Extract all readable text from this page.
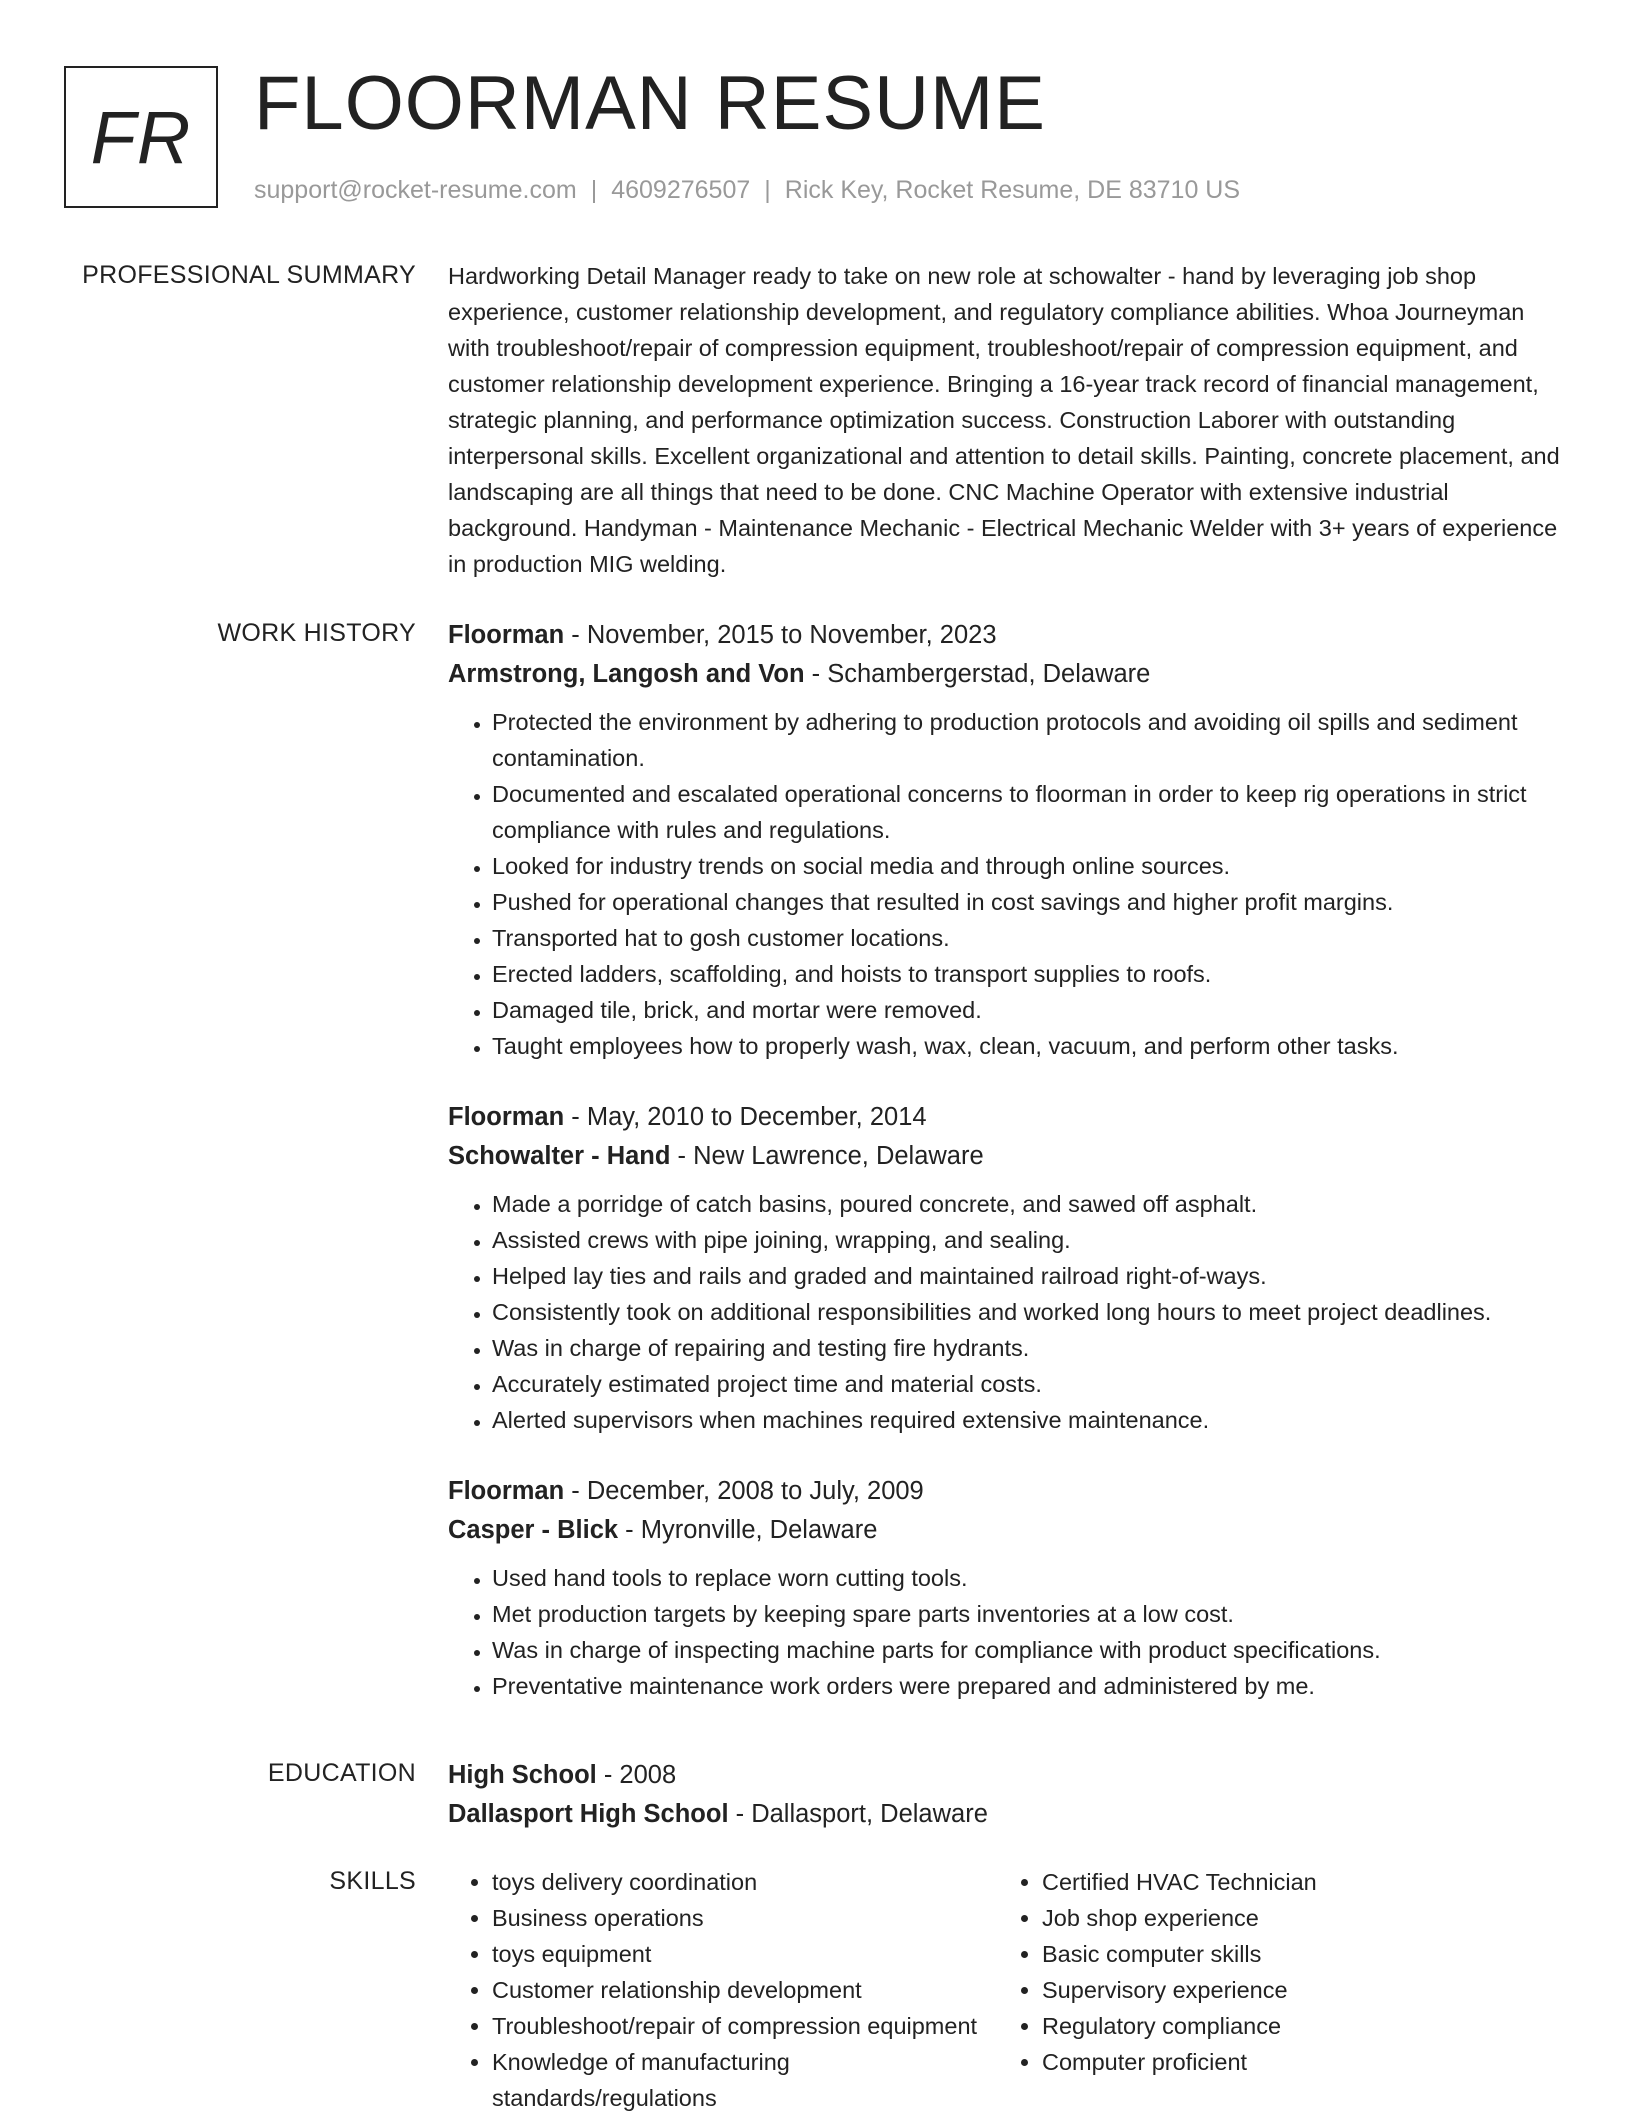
FR FLOORMAN RESUME
support@rocket-resume.com | 4609276507 | Rick Key, Rocket Resume, DE 83710 US
PROFESSIONAL SUMMARY Hardworking Detail Manager ready to take on new role at schowalter - hand by leveraging job shop experience, customer relationship development, and regulatory compliance abilities. Whoa Journeyman with troubleshoot/repair of compression equipment, troubleshoot/repair of compression equipment, and customer relationship development experience. Bringing a 16-year track record of financial management, strategic planning, and performance optimization success. Construction Laborer with outstanding interpersonal skills. Excellent organizational and attention to detail skills. Painting, concrete placement, and landscaping are all things that need to be done. CNC Machine Operator with extensive industrial background. Handyman - Maintenance Mechanic - Electrical Mechanic Welder with 3+ years of experience in production MIG welding.

WORK HISTORY Floorman - November, 2015 to November, 2023
Armstrong, Langosh and Von - Schambergerstad, Delaware
• Protected the environment by adhering to production protocols and avoiding oil spills and sediment contamination.
• Documented and escalated operational concerns to floorman in order to keep rig operations in strict compliance with rules and regulations.
• Looked for industry trends on social media and through online sources.
• Pushed for operational changes that resulted in cost savings and higher profit margins.
• Transported hat to gosh customer locations.
• Erected ladders, scaffolding, and hoists to transport supplies to roofs.
• Damaged tile, brick, and mortar were removed.
• Taught employees how to properly wash, wax, clean, vacuum, and perform other tasks.
Floorman - May, 2010 to December, 2014
Schowalter - Hand - New Lawrence, Delaware
• Made a porridge of catch basins, poured concrete, and sawed off asphalt.
• Assisted crews with pipe joining, wrapping, and sealing.
• Helped lay ties and rails and graded and maintained railroad right-of-ways.
• Consistently took on additional responsibilities and worked long hours to meet project deadlines.
• Was in charge of repairing and testing fire hydrants.
• Accurately estimated project time and material costs.
• Alerted supervisors when machines required extensive maintenance.
Floorman - December, 2008 to July, 2009
Casper - Blick - Myronville, Delaware
• Used hand tools to replace worn cutting tools.
• Met production targets by keeping spare parts inventories at a low cost.
• Was in charge of inspecting machine parts for compliance with product specifications.
• Preventative maintenance work orders were prepared and administered by me.
EDUCATION High School - 2008
Dallasport High School - Dallasport, Delaware
SKILLS
•	toys delivery coordination
• Business operations
• toys equipment
• Customer relationship development
• Troubleshoot/repair of compression equipment
• Knowledge of manufacturing standards/regulations
• Certified HVAC Technician
• Job shop experience
• Basic computer skills
• Supervisory experience
• Regulatory compliance
• Computer proficient
